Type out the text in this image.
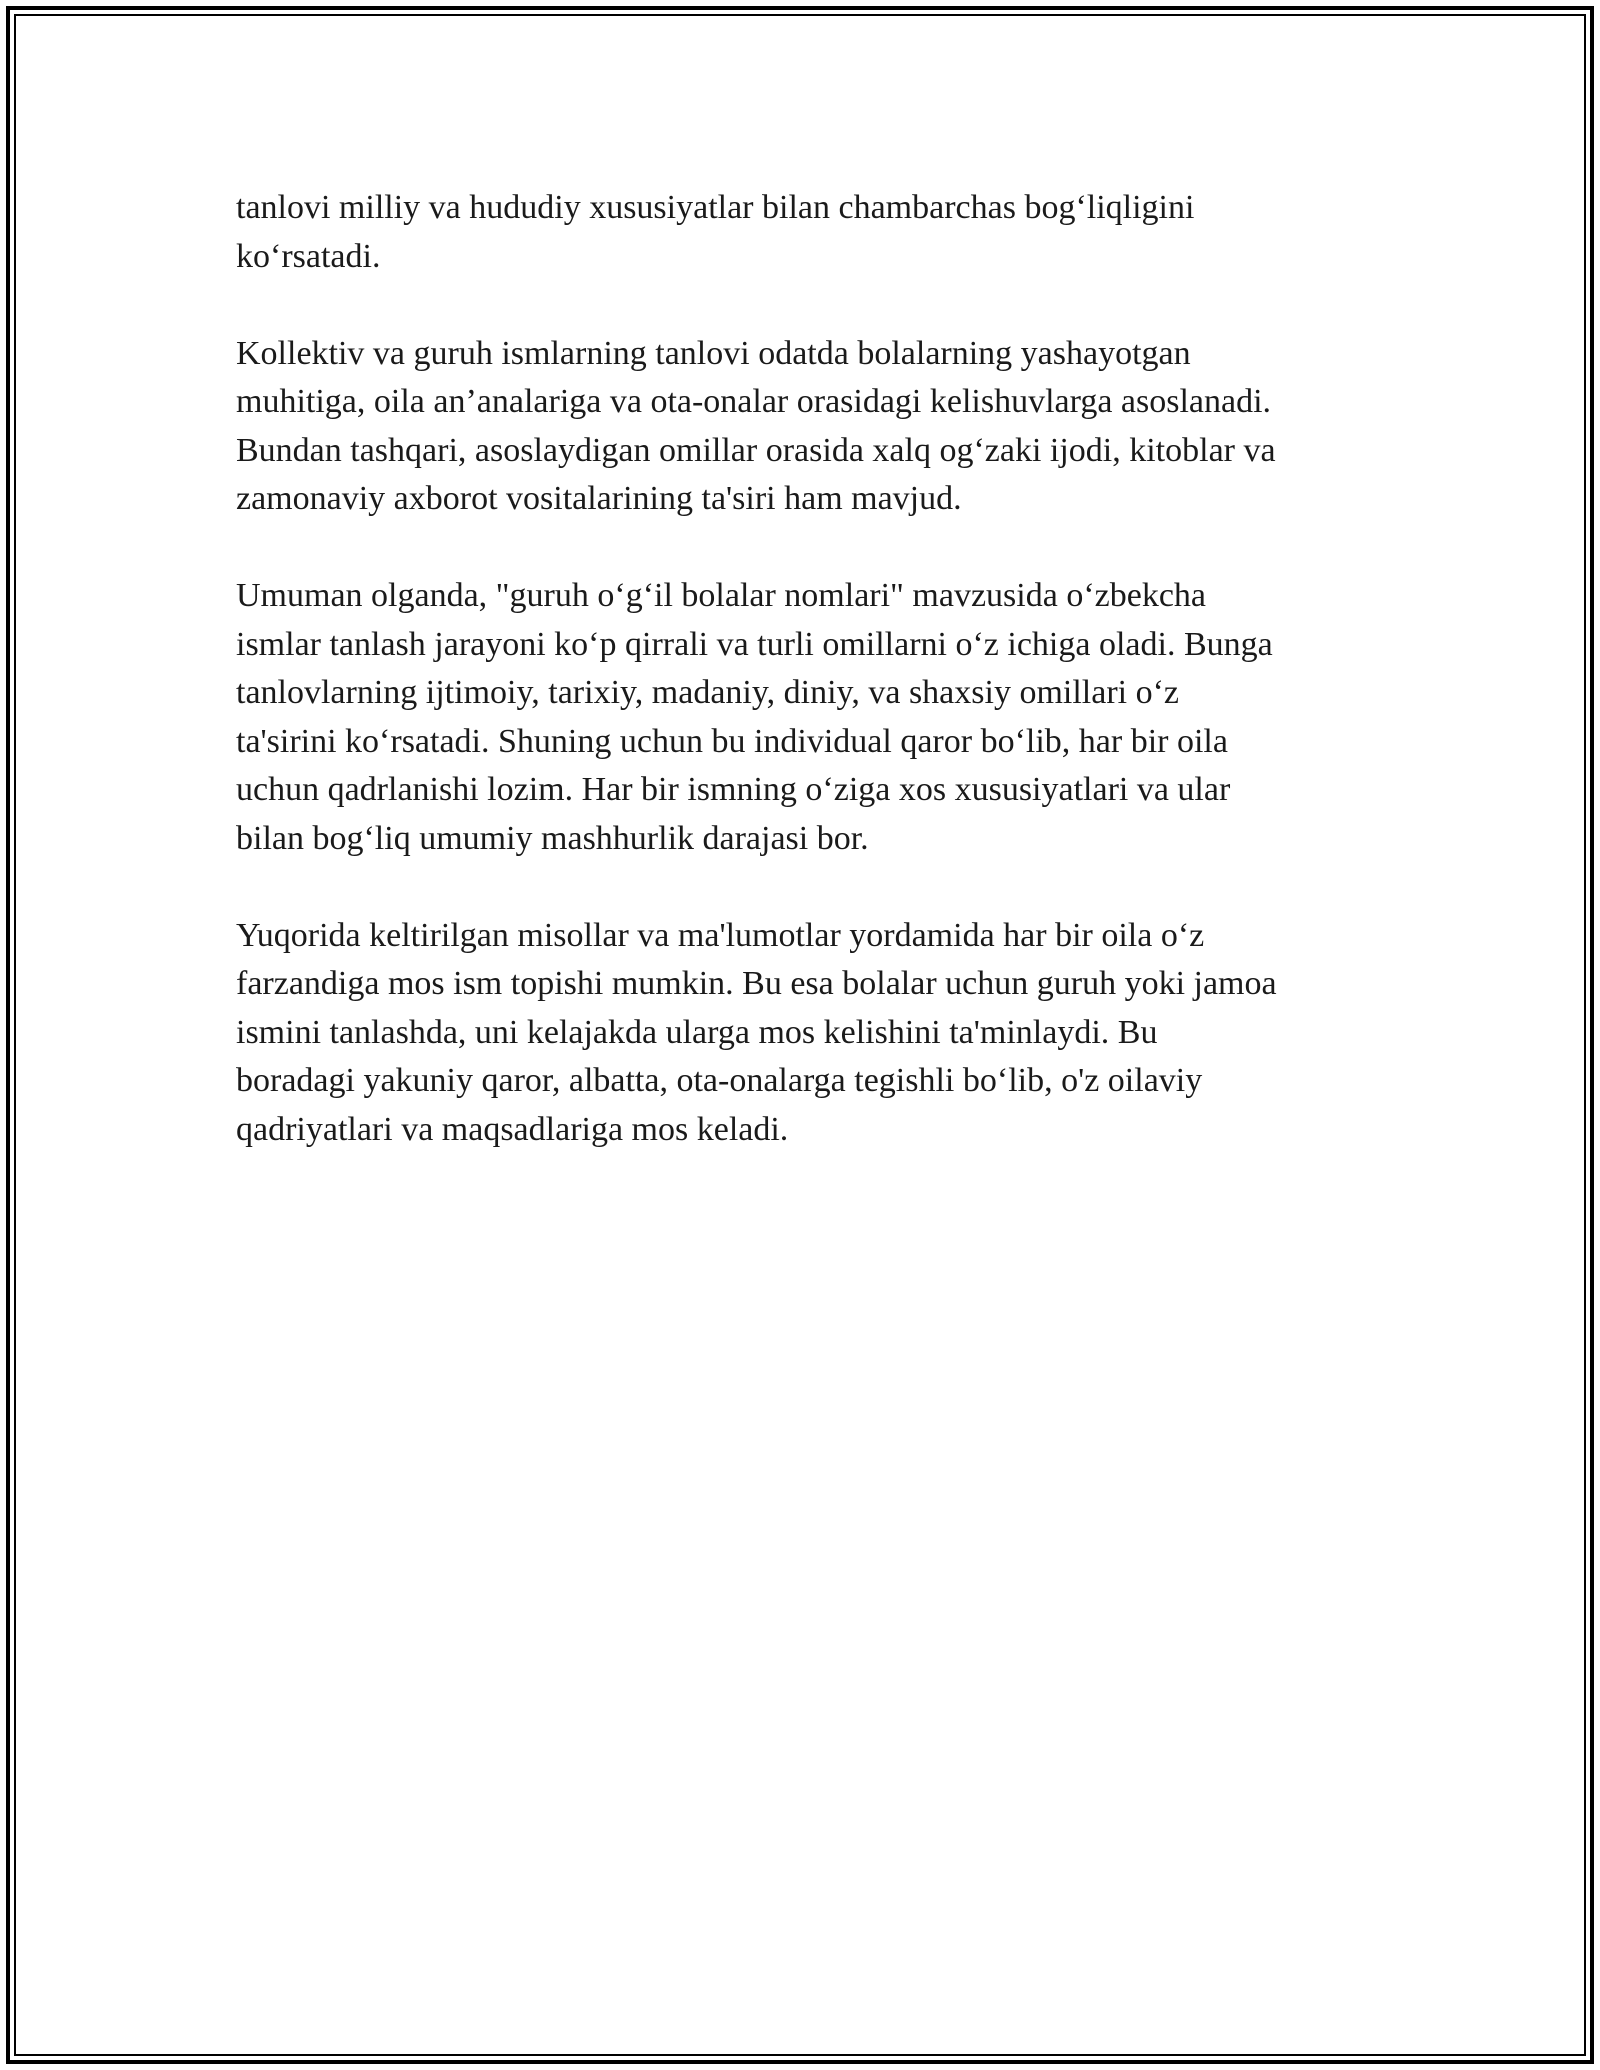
tanlovi milliy va hududiy xususiyatlar bilan chambarchas bog‘liqligini
ko‘rsatadi.

Kollektiv va guruh ismlarning tanlovi odatda bolalarning yashayotgan
muhitiga, oila an’analariga va ota-onalar orasidagi kelishuvlarga asoslanadi.
Bundan tashqari, asoslaydigan omillar orasida xalq og‘zaki ijodi, kitoblar va
zamonaviy axborot vositalarining ta'siri ham mavjud.

Umuman olganda, "guruh o‘g‘il bolalar nomlari" mavzusida o‘zbekcha
ismlar tanlash jarayoni ko‘p qirrali va turli omillarni o‘z ichiga oladi. Bunga
tanlovlarning ijtimoiy, tarixiy, madaniy, diniy, va shaxsiy omillari o‘z
ta'sirini ko‘rsatadi. Shuning uchun bu individual qaror bo‘lib, har bir oila
uchun qadrlanishi lozim. Har bir ismning o‘ziga xos xususiyatlari va ular
bilan bog‘liq umumiy mashhurlik darajasi bor.

Yuqorida keltirilgan misollar va ma'lumotlar yordamida har bir oila o‘z
farzandiga mos ism topishi mumkin. Bu esa bolalar uchun guruh yoki jamoa
ismini tanlashda, uni kelajakda ularga mos kelishini ta'minlaydi. Bu
boradagi yakuniy qaror, albatta, ota-onalarga tegishli bo‘lib, o'z oilaviy
qadriyatlari va maqsadlariga mos keladi.
